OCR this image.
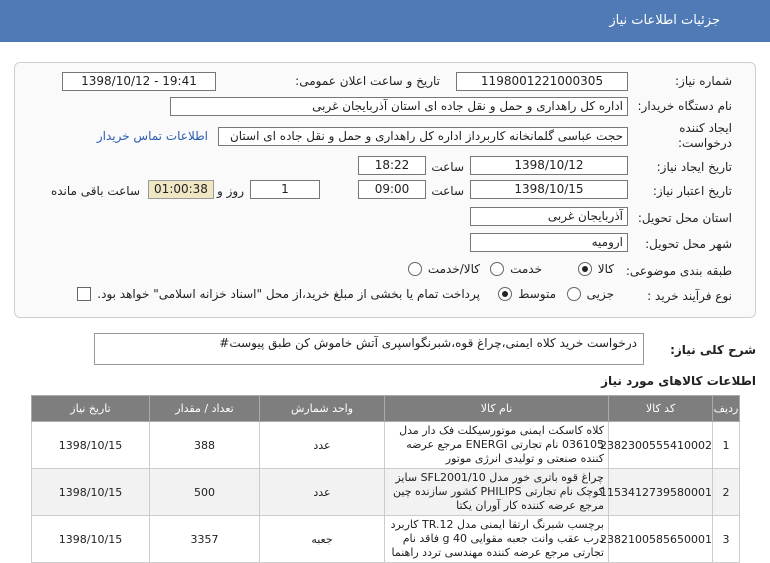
جزئیات اطلاعات نیاز
شماره نیاز:
1198001221000305
تاریخ و ساعت اعلان عمومی:
1398/10/12 - 19:41
نام دستگاه خریدار:
اداره کل راهداری و حمل و نقل جاده ای استان آذربایجان غربی
ایجاد کننده
درخواست:
حجت عباسی گلمانخانه کاربرداز اداره کل راهداری و حمل و نقل جاده ای استان
اطلاعات تماس خریدار
تاریخ ایجاد نیاز:
1398/10/12
ساعت
18:22
تاریخ اعتبار نیاز:
1398/10/15
ساعت
09:00
1
روز و
01:00:38
ساعت باقی مانده
استان محل تحویل:
آذربایجان غربی
شهر محل تحویل:
ارومیه
طبقه بندی موضوعی:
کالا
خدمت
کالا/خدمت
نوع فرآیند خرید :
جزیی
متوسط
پرداخت تمام یا بخشی از مبلغ خرید،از محل "اسناد خزانه اسلامی" خواهد بود.
شرح کلی نیاز:
درخواست خرید کلاه ایمنی،چراغ قوه،شبرنگواسپری آتش خاموش کن طبق پیوست#
اطلاعات کالاهای مورد نیاز
ردیف	کد کالا	نام کالا	واحد شمارش	تعداد / مقدار	تاریخ نیاز
1	2382300555410002	کلاه کاسکت ایمنی موتورسیکلت فک دار مدل 036105 نام تجارتی ENERGI مرجع عرضه کننده صنعتی و تولیدی انرژی موتور	عدد	388	1398/10/15
2	1153412739580001	چراغ قوه باتری خور مدل SFL2001/10 سایز کوچک نام تجارتی PHILIPS کشور سازنده چین مرجع عرضه کننده کار آوران یکتا	عدد	500	1398/10/15
3	2382100585650001	برچسب شبرنگ ارتقا ایمنی مدل TR.12 کاربرد درب عقب وانت جعبه مقوایی 40 g فاقد نام تجارتی مرجع عرضه کننده مهندسی تردد راهنما	جعبه	3357	1398/10/15
